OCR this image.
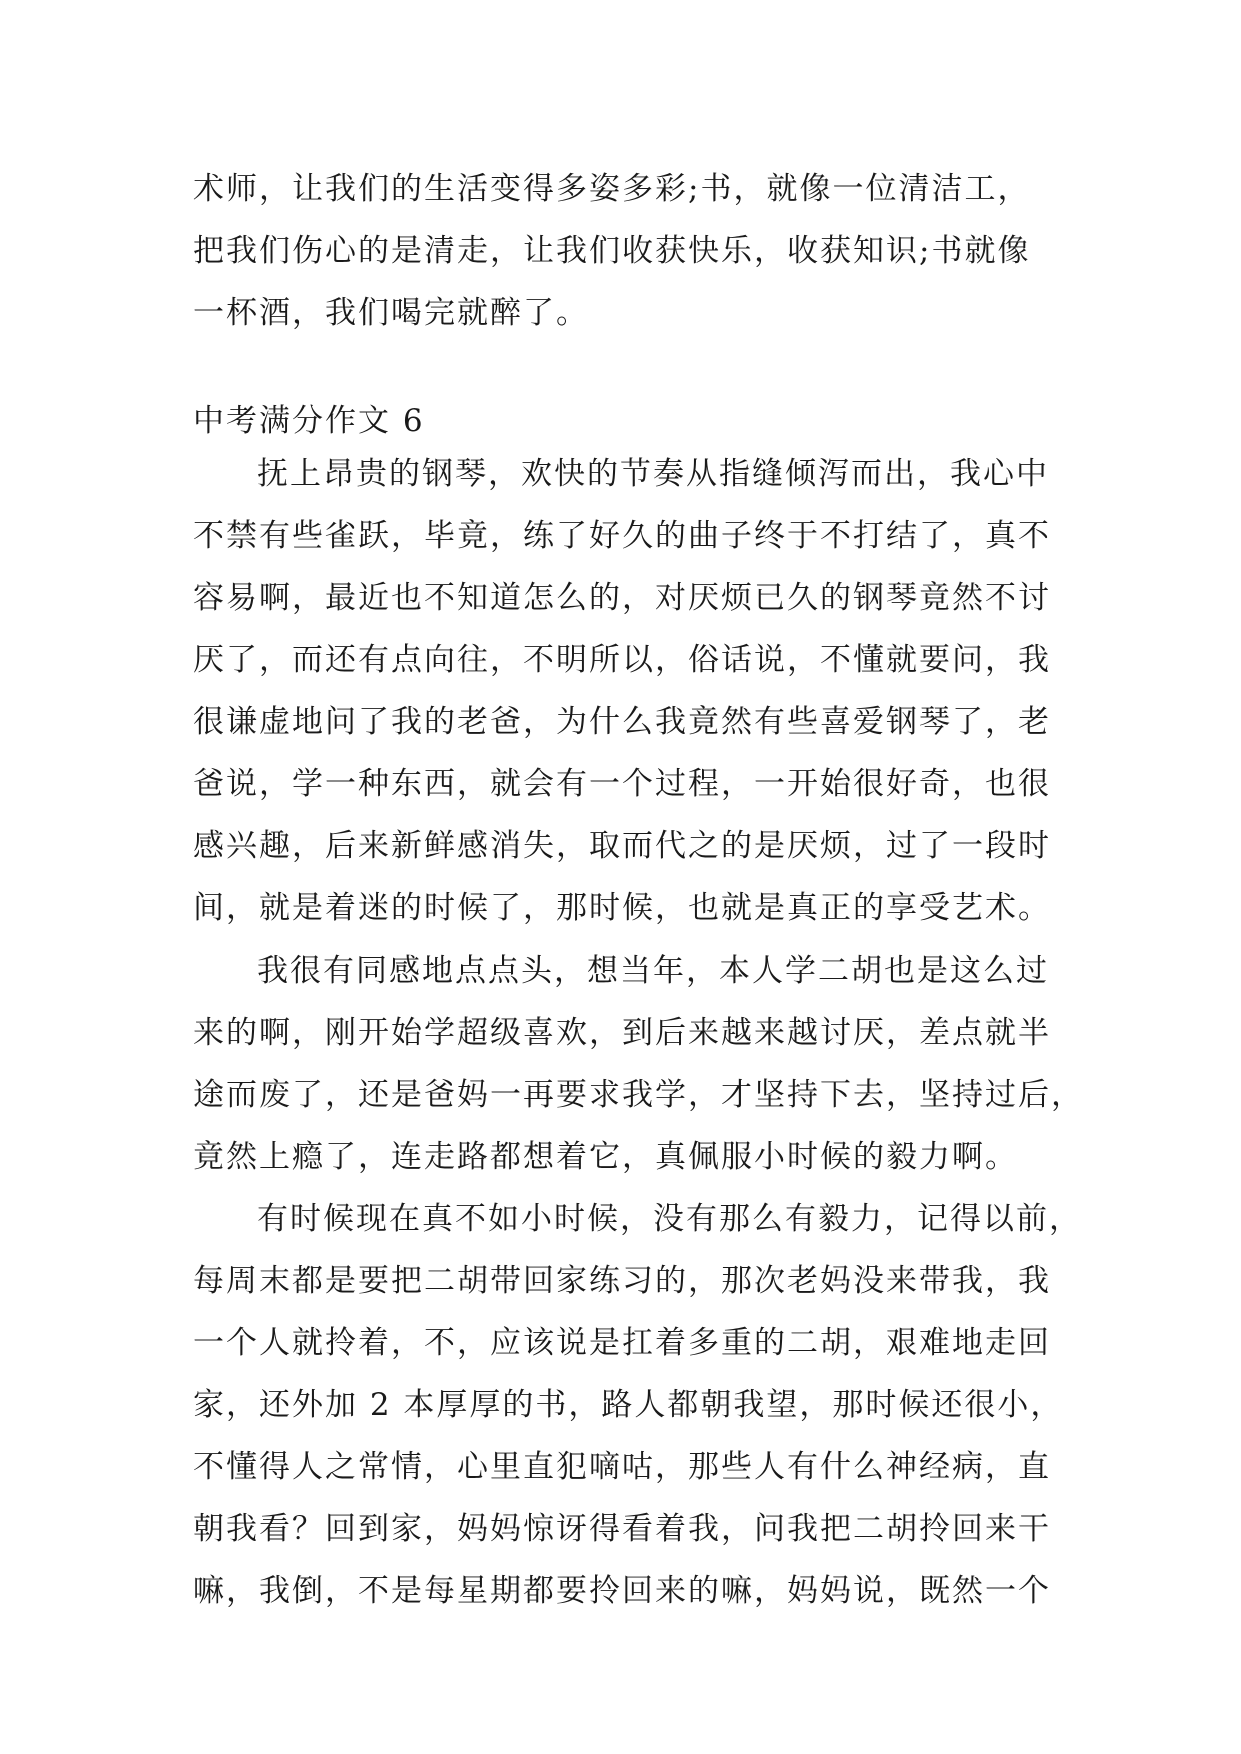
术师，让我们的生活变得多姿多彩;书，就像一位清洁工，
把我们伤心的是清走，让我们收获快乐，收获知识;书就像
一杯酒，我们喝完就醉了。
中考满分作文 6
抚上昂贵的钢琴，欢快的节奏从指缝倾泻而出，我心中
不禁有些雀跃，毕竟，练了好久的曲子终于不打结了，真不
容易啊，最近也不知道怎么的，对厌烦已久的钢琴竟然不讨
厌了，而还有点向往，不明所以，俗话说，不懂就要问，我
很谦虚地问了我的老爸，为什么我竟然有些喜爱钢琴了，老
爸说，学一种东西，就会有一个过程，一开始很好奇，也很
感兴趣，后来新鲜感消失，取而代之的是厌烦，过了一段时
间，就是着迷的时候了，那时候，也就是真正的享受艺术。
我很有同感地点点头，想当年，本人学二胡也是这么过
来的啊，刚开始学超级喜欢，到后来越来越讨厌，差点就半
途而废了，还是爸妈一再要求我学，才坚持下去，坚持过后，
竟然上瘾了，连走路都想着它，真佩服小时候的毅力啊。
有时候现在真不如小时候，没有那么有毅力，记得以前，
每周末都是要把二胡带回家练习的，那次老妈没来带我，我
一个人就拎着，不，应该说是扛着多重的二胡，艰难地走回
家，还外加 2 本厚厚的书，路人都朝我望，那时候还很小，
不懂得人之常情，心里直犯嘀咕，那些人有什么神经病，直
朝我看？回到家，妈妈惊讶得看着我，问我把二胡拎回来干
嘛，我倒，不是每星期都要拎回来的嘛，妈妈说，既然一个
